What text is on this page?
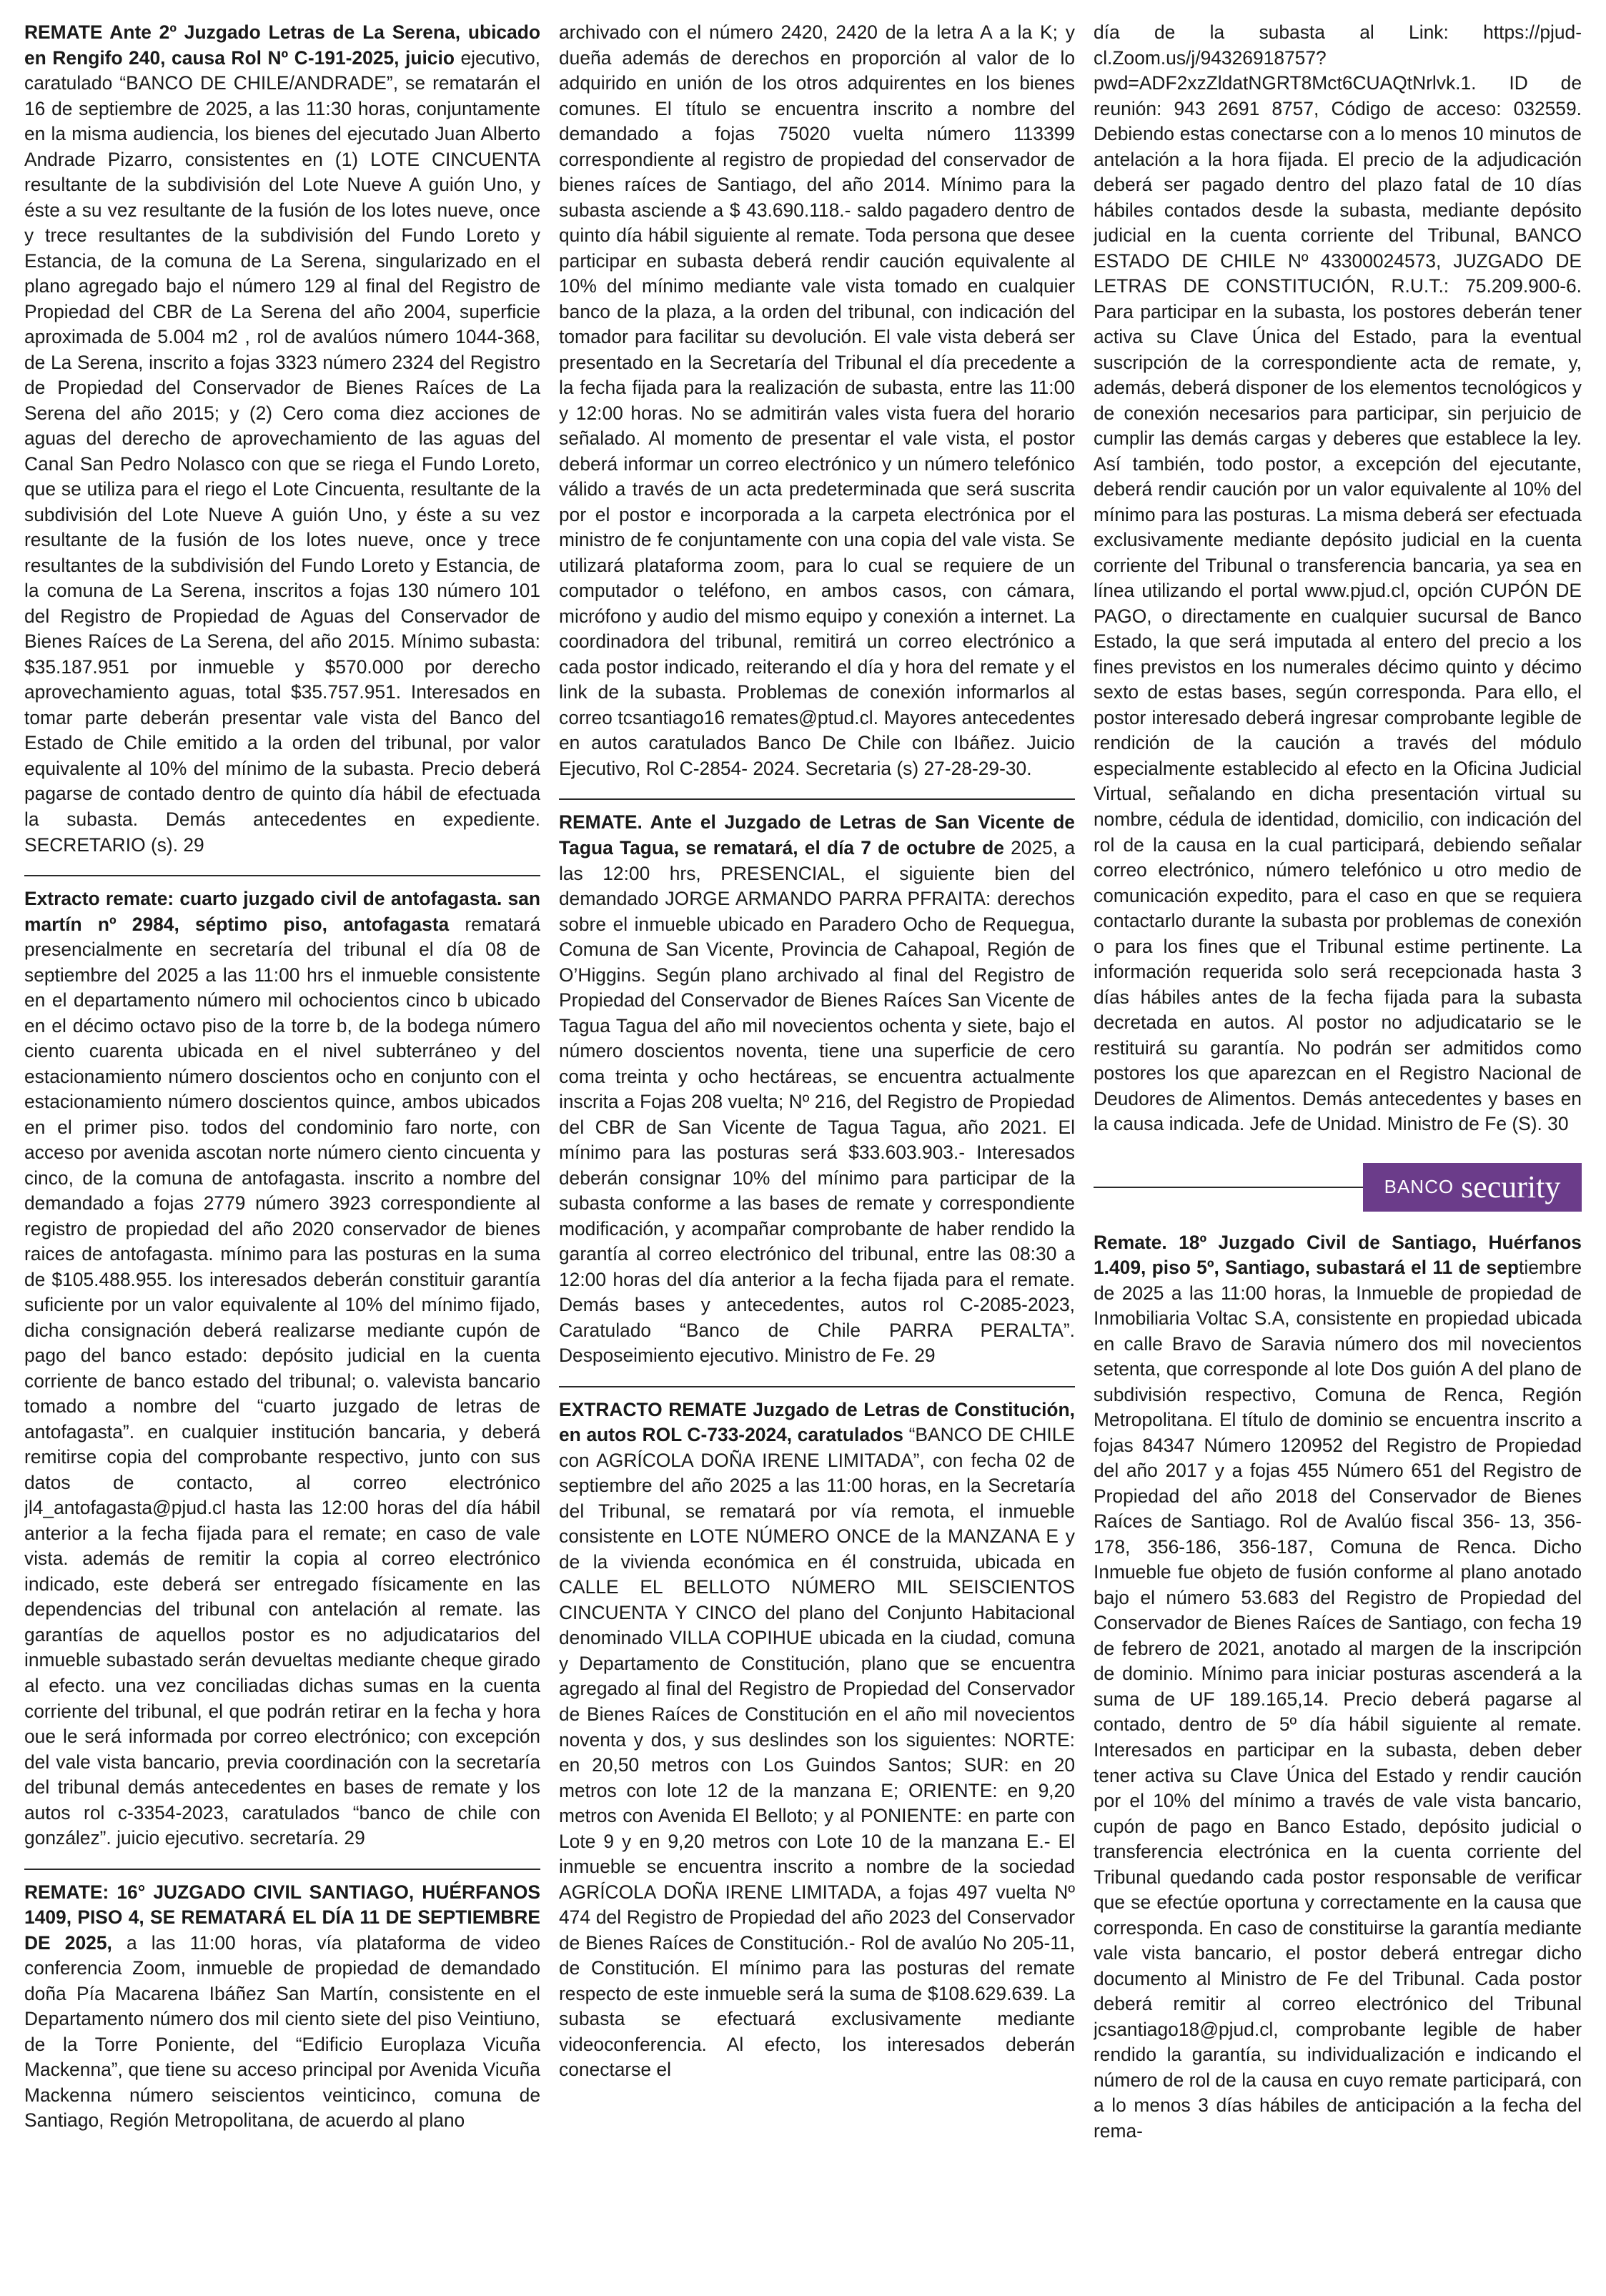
REMATE Ante 2º Juzgado Letras de La Serena, ubicado en Rengifo 240, causa Rol Nº C-191-2025, juicio ejecutivo, caratulado “BANCO DE CHILE/ANDRADE”, se rematarán el 16 de septiembre de 2025, a las 11:30 horas, conjuntamente en la misma audiencia, los bienes del ejecutado Juan Alberto Andrade Pizarro, consistentes en (1) LOTE CINCUENTA resultante de la subdivisión del Lote Nueve A guión Uno, y éste a su vez resultante de la fusión de los lotes nueve, once y trece resultantes de la subdivisión del Fundo Loreto y Estancia, de la comuna de La Serena, singularizado en el plano agregado bajo el número 129 al final del Registro de Propiedad del CBR de La Serena del año 2004, superficie aproximada de 5.004 m2 , rol de avalúos número 1044-368, de La Serena, inscrito a fojas 3323 número 2324 del Registro de Propiedad del Conservador de Bienes Raíces de La Serena del año 2015; y (2) Cero coma diez acciones de aguas del derecho de aprovechamiento de las aguas del Canal San Pedro Nolasco con que se riega el Fundo Loreto, que se utiliza para el riego el Lote Cincuenta, resultante de la subdivisión del Lote Nueve A guión Uno, y éste a su vez resultante de la fusión de los lotes nueve, once y trece resultantes de la subdivisión del Fundo Loreto y Estancia, de la comuna de La Serena, inscritos a fojas 130 número 101 del Registro de Propiedad de Aguas del Conservador de Bienes Raíces de La Serena, del año 2015. Mínimo subasta: $35.187.951 por inmueble y $570.000 por derecho aprovechamiento aguas, total $35.757.951. Interesados en tomar parte deberán presentar vale vista del Banco del Estado de Chile emitido a la orden del tribunal, por valor equivalente al 10% del mínimo de la subasta. Precio deberá pagarse de contado dentro de quinto día hábil de efectuada la subasta. Demás antecedentes en expediente. SECRETARIO (s). 29

Extracto remate: cuarto juzgado civil de antofagasta. san martín nº 2984, séptimo piso, antofagasta rematará presencialmente en secretaría del tribunal el día 08 de septiembre del 2025 a las 11:00 hrs el inmueble consistente en el departamento número mil ochocientos cinco b ubicado en el décimo octavo piso de la torre b, de la bodega número ciento cuarenta ubicada en el nivel subterráneo y del estacionamiento número doscientos ocho en conjunto con el estacionamiento número doscientos quince, ambos ubicados en el primer piso. todos del condominio faro norte, con acceso por avenida ascotan norte número ciento cincuenta y cinco, de la comuna de antofagasta. inscrito a nombre del demandado a fojas 2779 número 3923 correspondiente al registro de propiedad del año 2020 conservador de bienes raices de antofagasta. mínimo para las posturas en la suma de $105.488.955. los interesados deberán constituir garantía suficiente por un valor equivalente al 10% del mínimo fijado, dicha consignación deberá realizarse mediante cupón de pago del banco estado: depósito judicial en la cuenta corriente de banco estado del tribunal; o. valevista bancario tomado a nombre del “cuarto juzgado de letras de antofagasta”. en cualquier institución bancaria, y deberá remitirse copia del comprobante respectivo, junto con sus datos de contacto, al correo electrónico jl4_antofagasta@pjud.cl hasta las 12:00 horas del día hábil anterior a la fecha fijada para el remate; en caso de vale vista. además de remitir la copia al correo electrónico indicado, este deberá ser entregado físicamente en las dependencias del tribunal con antelación al remate. las garantías de aquellos postor es no adjudicatarios del inmueble subastado serán devueltas mediante cheque girado al efecto. una vez conciliadas dichas sumas en la cuenta corriente del tribunal, el que podrán retirar en la fecha y hora oue le será informada por correo electrónico; con excepción del vale vista bancario, previa coordinación con la secretaría del tribunal demás antecedentes en bases de remate y los autos rol c-3354-2023, caratulados “banco de chile con gonzález”. juicio ejecutivo. secretaría. 29

REMATE: 16° JUZGADO CIVIL SANTIAGO, HUÉRFANOS 1409, PISO 4, SE REMATARÁ EL DÍA 11 DE SEPTIEMBRE DE 2025, a las 11:00 horas, vía plataforma de video conferencia Zoom, inmueble de propiedad de demandado doña Pía Macarena Ibáñez San Martín, consistente en el Departamento número dos mil ciento siete del piso Veintiuno, de la Torre Poniente, del “Edificio Europlaza Vicuña Mackenna”, que tiene su acceso principal por Avenida Vicuña Mackenna número seiscientos veinticinco, comuna de Santiago, Región Metropolitana, de acuerdo al plano

archivado con el número 2420, 2420 de la letra A a la K; y dueña además de derechos en proporción al valor de lo adquirido en unión de los otros adquirentes en los bienes comunes. El título se encuentra inscrito a nombre del demandado a fojas 75020 vuelta número 113399 correspondiente al registro de propiedad del conservador de bienes raíces de Santiago, del año 2014. Mínimo para la subasta asciende a $ 43.690.118.- saldo pagadero dentro de quinto día hábil siguiente al remate. Toda persona que desee participar en subasta deberá rendir caución equivalente al 10% del mínimo mediante vale vista tomado en cualquier banco de la plaza, a la orden del tribunal, con indicación del tomador para facilitar su devolución. El vale vista deberá ser presentado en la Secretaría del Tribunal el día precedente a la fecha fijada para la realización de subasta, entre las 11:00 y 12:00 horas. No se admitirán vales vista fuera del horario señalado. Al momento de presentar el vale vista, el postor deberá informar un correo electrónico y un número telefónico válido a través de un acta predeterminada que será suscrita por el postor e incorporada a la carpeta electrónica por el ministro de fe conjuntamente con una copia del vale vista. Se utilizará plataforma zoom, para lo cual se requiere de un computador o teléfono, en ambos casos, con cámara, micrófono y audio del mismo equipo y conexión a internet. La coordinadora del tribunal, remitirá un correo electrónico a cada postor indicado, reiterando el día y hora del remate y el link de la subasta. Problemas de conexión informarlos al correo tcsantiago16 remates@ptud.cl. Mayores antecedentes en autos caratulados Banco De Chile con Ibáñez. Juicio Ejecutivo, Rol C-2854- 2024. Secretaria (s) 27-28-29-30.

REMATE. Ante el Juzgado de Letras de San Vicente de Tagua Tagua, se rematará, el día 7 de octubre de 2025, a las 12:00 hrs, PRESENCIAL, el siguiente bien del demandado JORGE ARMANDO PARRA PFRAITA: derechos sobre el inmueble ubicado en Paradero Ocho de Requegua, Comuna de San Vicente, Provincia de Cahapoal, Región de O’Higgins. Según plano archivado al final del Registro de Propiedad del Conservador de Bienes Raíces San Vicente de Tagua Tagua del año mil novecientos ochenta y siete, bajo el número doscientos noventa, tiene una superficie de cero coma treinta y ocho hectáreas, se encuentra actualmente inscrita a Fojas 208 vuelta; Nº 216, del Registro de Propiedad del CBR de San Vicente de Tagua Tagua, año 2021. El mínimo para las posturas será $33.603.903.- Interesados deberán consignar 10% del mínimo para participar de la subasta conforme a las bases de remate y correspondiente modificación, y acompañar comprobante de haber rendido la garantía al correo electrónico del tribunal, entre las 08:30 a 12:00 horas del día anterior a la fecha fijada para el remate. Demás bases y antecedentes, autos rol C-2085-2023, Caratulado “Banco de Chile PARRA PERALTA”. Desposeimiento ejecutivo. Ministro de Fe. 29

EXTRACTO REMATE Juzgado de Letras de Constitución, en autos ROL C-733-2024, caratulados “BANCO DE CHILE con AGRÍCOLA DOÑA IRENE LIMITADA”, con fecha 02 de septiembre del año 2025 a las 11:00 horas, en la Secretaría del Tribunal, se rematará por vía remota, el inmueble consistente en LOTE NÚMERO ONCE de la MANZANA E y de la vivienda económica en él construida, ubicada en CALLE EL BELLOTO NÚMERO MIL SEISCIENTOS CINCUENTA Y CINCO del plano del Conjunto Habitacional denominado VILLA COPIHUE ubicada en la ciudad, comuna y Departamento de Constitución, plano que se encuentra agregado al final del Registro de Propiedad del Conservador de Bienes Raíces de Constitución en el año mil novecientos noventa y dos, y sus deslindes son los siguientes: NORTE: en 20,50 metros con Los Guindos Santos; SUR: en 20 metros con lote 12 de la manzana E; ORIENTE: en 9,20 metros con Avenida El Belloto; y al PONIENTE: en parte con Lote 9 y en 9,20 metros con Lote 10 de la manzana E.- El inmueble se encuentra inscrito a nombre de la sociedad AGRÍCOLA DOÑA IRENE LIMITADA, a fojas 497 vuelta Nº 474 del Registro de Propiedad del año 2023 del Conservador de Bienes Raíces de Constitución.- Rol de avalúo No 205-11, de Constitución. El mínimo para las posturas del remate respecto de este inmueble será la suma de $108.629.639. La subasta se efectuará exclusivamente mediante videoconferencia. Al efecto, los interesados deberán conectarse el

día de la subasta al Link: https://pjud-cl.Zoom.us/j/94326918757?pwd=ADF2xzZldatNGRT8Mct6CUAQtNrlvk.1. ID de reunión: 943 2691 8757, Código de acceso: 032559. Debiendo estas conectarse con a lo menos 10 minutos de antelación a la hora fijada. El precio de la adjudicación deberá ser pagado dentro del plazo fatal de 10 días hábiles contados desde la subasta, mediante depósito judicial en la cuenta corriente del Tribunal, BANCO ESTADO DE CHILE Nº 43300024573, JUZGADO DE LETRAS DE CONSTITUCIÓN, R.U.T.: 75.209.900-6. Para participar en la subasta, los postores deberán tener activa su Clave Única del Estado, para la eventual suscripción de la correspondiente acta de remate, y, además, deberá disponer de los elementos tecnológicos y de conexión necesarios para participar, sin perjuicio de cumplir las demás cargas y deberes que establece la ley. Así también, todo postor, a excepción del ejecutante, deberá rendir caución por un valor equivalente al 10% del mínimo para las posturas. La misma deberá ser efectuada exclusivamente mediante depósito judicial en la cuenta corriente del Tribunal o transferencia bancaria, ya sea en línea utilizando el portal www.pjud.cl, opción CUPÓN DE PAGO, o directamente en cualquier sucursal de Banco Estado, la que será imputada al entero del precio a los fines previstos en los numerales décimo quinto y décimo sexto de estas bases, según corresponda. Para ello, el postor interesado deberá ingresar comprobante legible de rendición de la caución a través del módulo especialmente establecido al efecto en la Oficina Judicial Virtual, señalando en dicha presentación virtual su nombre, cédula de identidad, domicilio, con indicación del rol de la causa en la cual participará, debiendo señalar correo electrónico, número telefónico u otro medio de comunicación expedito, para el caso en que se requiera contactarlo durante la subasta por problemas de conexión o para los fines que el Tribunal estime pertinente. La información requerida solo será recepcionada hasta 3 días hábiles antes de la fecha fijada para la subasta decretada en autos. Al postor no adjudicatario se le restituirá su garantía. No podrán ser admitidos como postores los que aparezcan en el Registro Nacional de Deudores de Alimentos. Demás antecedentes y bases en la causa indicada. Jefe de Unidad. Ministro de Fe (S). 30

BANCO security

Remate. 18º Juzgado Civil de Santiago, Huérfanos 1.409, piso 5º, Santiago, subastará el 11 de septiembre de 2025 a las 11:00 horas, la Inmueble de propiedad de Inmobiliaria Voltac S.A, consistente en propiedad ubicada en calle Bravo de Saravia número dos mil novecientos setenta, que corresponde al lote Dos guión A del plano de subdivisión respectivo, Comuna de Renca, Región Metropolitana. El título de dominio se encuentra inscrito a fojas 84347 Número 120952 del Registro de Propiedad del año 2017 y a fojas 455 Número 651 del Registro de Propiedad del año 2018 del Conservador de Bienes Raíces de Santiago. Rol de Avalúo fiscal 356- 13, 356-178, 356-186, 356-187, Comuna de Renca. Dicho Inmueble fue objeto de fusión conforme al plano anotado bajo el número 53.683 del Registro de Propiedad del Conservador de Bienes Raíces de Santiago, con fecha 19 de febrero de 2021, anotado al margen de la inscripción de dominio. Mínimo para iniciar posturas ascenderá a la suma de UF 189.165,14. Precio deberá pagarse al contado, dentro de 5º día hábil siguiente al remate. Interesados en participar en la subasta, deben deber tener activa su Clave Única del Estado y rendir caución por el 10% del mínimo a través de vale vista bancario, cupón de pago en Banco Estado, depósito judicial o transferencia electrónica en la cuenta corriente del Tribunal quedando cada postor responsable de verificar que se efectúe oportuna y correctamente en la causa que corresponda. En caso de constituirse la garantía mediante vale vista bancario, el postor deberá entregar dicho documento al Ministro de Fe del Tribunal. Cada postor deberá remitir al correo electrónico del Tribunal jcsantiago18@pjud.cl, comprobante legible de haber rendido la garantía, su individualización e indicando el número de rol de la causa en cuyo remate participará, con a lo menos 3 días hábiles de anticipación a la fecha del rema-
